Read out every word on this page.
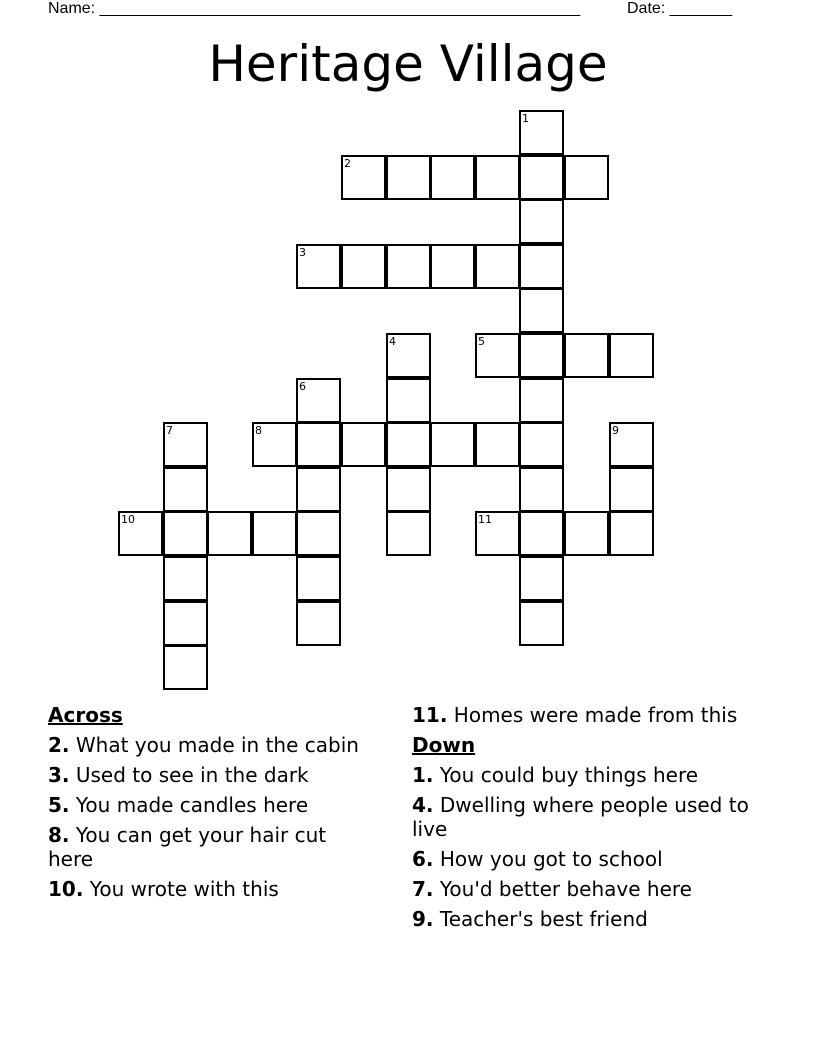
Name: ______________________________________________________	Date: _______
Heritage Village
1
2
3
4	5
6
7	8	9
10	11
Across
2. What you made in the cabin
3. Used to see in the dark
5. You made candles here
8. You can get your hair cut here
10. You wrote with this
11. Homes were made from this
Down
1. You could buy things here
4. Dwelling where people used to live
6. How you got to school
7. You'd better behave here
9. Teacher's best friend
